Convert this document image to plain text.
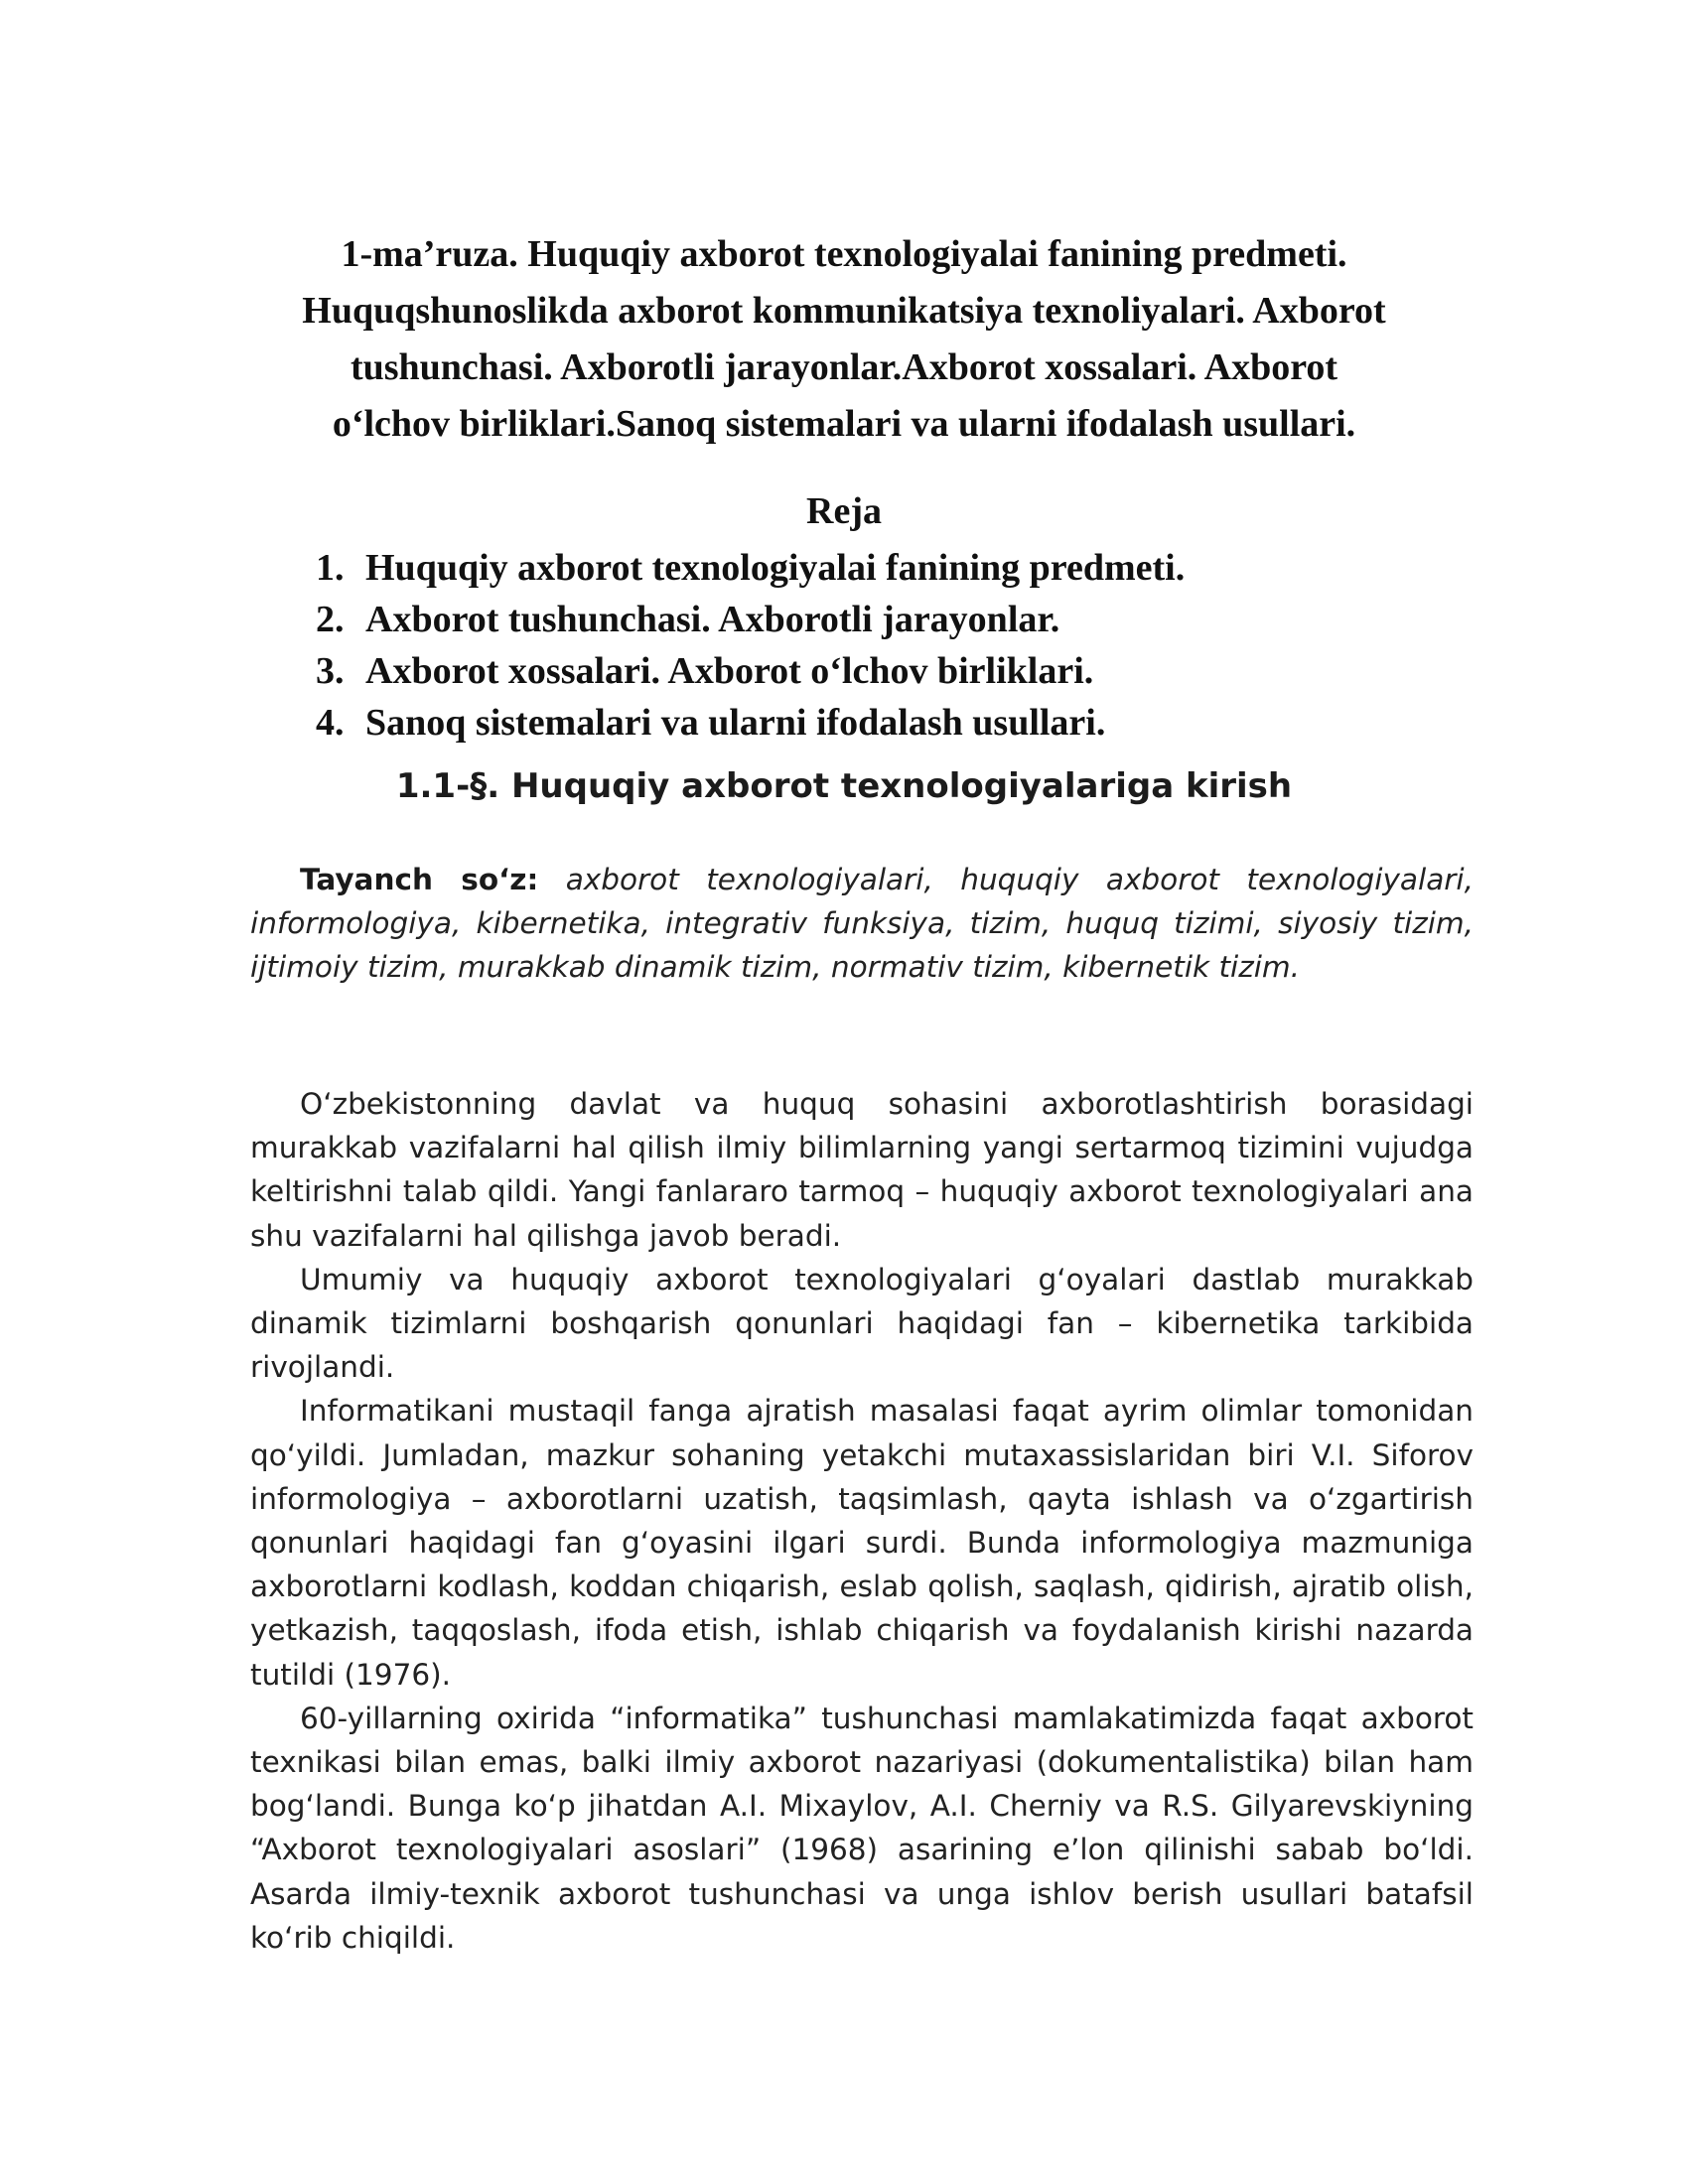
1-ma’ruza. Huquqiy axborot texnologiyalai fanining predmeti.
Huquqshunoslikda axborot kommunikatsiya texnoliyalari. Axborot
tushunchasi. Axborotli jarayonlar.Axborot xossalari. Axborot
o‘lchov birliklari.Sanoq sistemalari va ularni ifodalash usullari.
Reja
1. Huquqiy axborot texnologiyalai fanining predmeti.
2. Axborot tushunchasi. Axborotli jarayonlar.
3. Axborot xossalari. Axborot o‘lchov birliklari.
4. Sanoq sistemalari va ularni ifodalash usullari.
1.1-§. Huquqiy axborot texnologiyalariga kirish
Tayanch so‘z: axborot texnologiyalari, huquqiy axborot texnologiyalari, informologiya, kibernetika, integrativ funksiya, tizim, huquq tizimi, siyosiy tizim, ijtimoiy tizim, murakkab dinamik tizim, normativ tizim, kibernetik tizim.

O‘zbekistonning davlat va huquq sohasini axborotlashtirish borasidagi murakkab vazifalarni hal qilish ilmiy bilimlarning yangi sertarmoq tizimini vujudga keltirishni talab qildi. Yangi fanlararo tarmoq – huquqiy axborot texnologiyalari ana shu vazifalarni hal qilishga javob beradi.

Umumiy va huquqiy axborot texnologiyalari g‘oyalari dastlab murakkab dinamik tizimlarni boshqarish qonunlari haqidagi fan – kibernetika tarkibida rivojlandi.

Informatikani mustaqil fanga ajratish masalasi faqat ayrim olimlar tomonidan qo‘yildi. Jumladan, mazkur sohaning yetakchi mutaxassislaridan biri V.I. Siforov informologiya – axborotlarni uzatish, taqsimlash, qayta ishlash va o‘zgartirish qonunlari haqidagi fan g‘oyasini ilgari surdi. Bunda informologiya mazmuniga axborotlarni kodlash, koddan chiqarish, eslab qolish, saqlash, qidirish, ajratib olish, yetkazish, taqqoslash, ifoda etish, ishlab chiqarish va foydalanish kirishi nazarda tutildi (1976).

60-yillarning oxirida “informatika” tushunchasi mamlakatimizda faqat axborot texnikasi bilan emas, balki ilmiy axborot nazariyasi (dokumentalistika) bilan ham bog‘landi. Bunga ko‘p jihatdan A.I. Mixaylov, A.I. Cherniy va R.S. Gilyarevskiyning “Axborot texnologiyalari asoslari” (1968) asarining e’lon qilinishi sabab bo‘ldi. Asarda ilmiy-texnik axborot tushunchasi va unga ishlov berish usullari batafsil ko‘rib chiqildi.
